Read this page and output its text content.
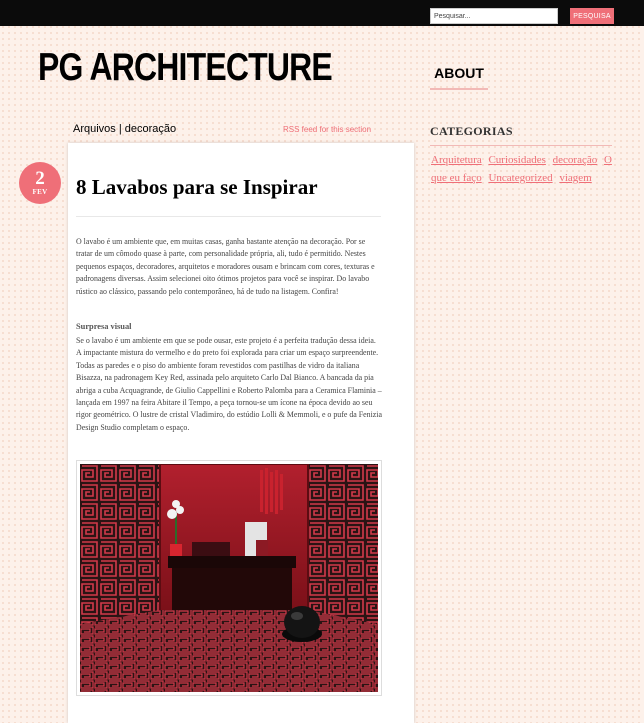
Pesquisar...
PESQUISA
PG ARCHITECTURE	ABOUT
Arquivos | decoração	RSS feed for this section
2
FEV	8 Lavabos para se Inspirar

O lavabo é um ambiente que, em muitas casas, ganha bastante atenção na decoração. Por se tratar de um cômodo quase à parte, com personalidade própria, ali, tudo é permitido. Nestes pequenos espaços, decoradores, arquitetos e moradores ousam e brincam com cores, texturas e padronagens diversas. Assim selecionei oito ótimos projetos para você se inspirar. Do lavabo rústico ao clássico, passando pelo contemporâneo, há de tudo na listagem. Confira!

Surpresa visual

Se o lavabo é um ambiente em que se pode ousar, este projeto é a perfeita tradução dessa ideia. A impactante mistura do vermelho e do preto foi explorada para criar um espaço surpreendente. Todas as paredes e o piso do ambiente foram revestidos com pastilhas de vidro da italiana Bisazza, na padronagem Key Red, assinada pelo arquiteto Carlo Dal Bianco. A bancada da pia abriga a cuba Acquagrande, de Giulio Cappellini e Roberto Palomba para a Ceramica Flaminia – lançada em 1997 na feira Abitare il Tempo, a peça tornou-se um ícone na época devido ao seu rigor geométrico. O lustre de cristal Vladimiro, do estúdio Lolli & Memmoli, e o pufe da Fenizia Design Studio completam o espaço.

CATEGORIAS
Arquitetura Curiosidades decoração O que eu faço Uncategorized viagem
